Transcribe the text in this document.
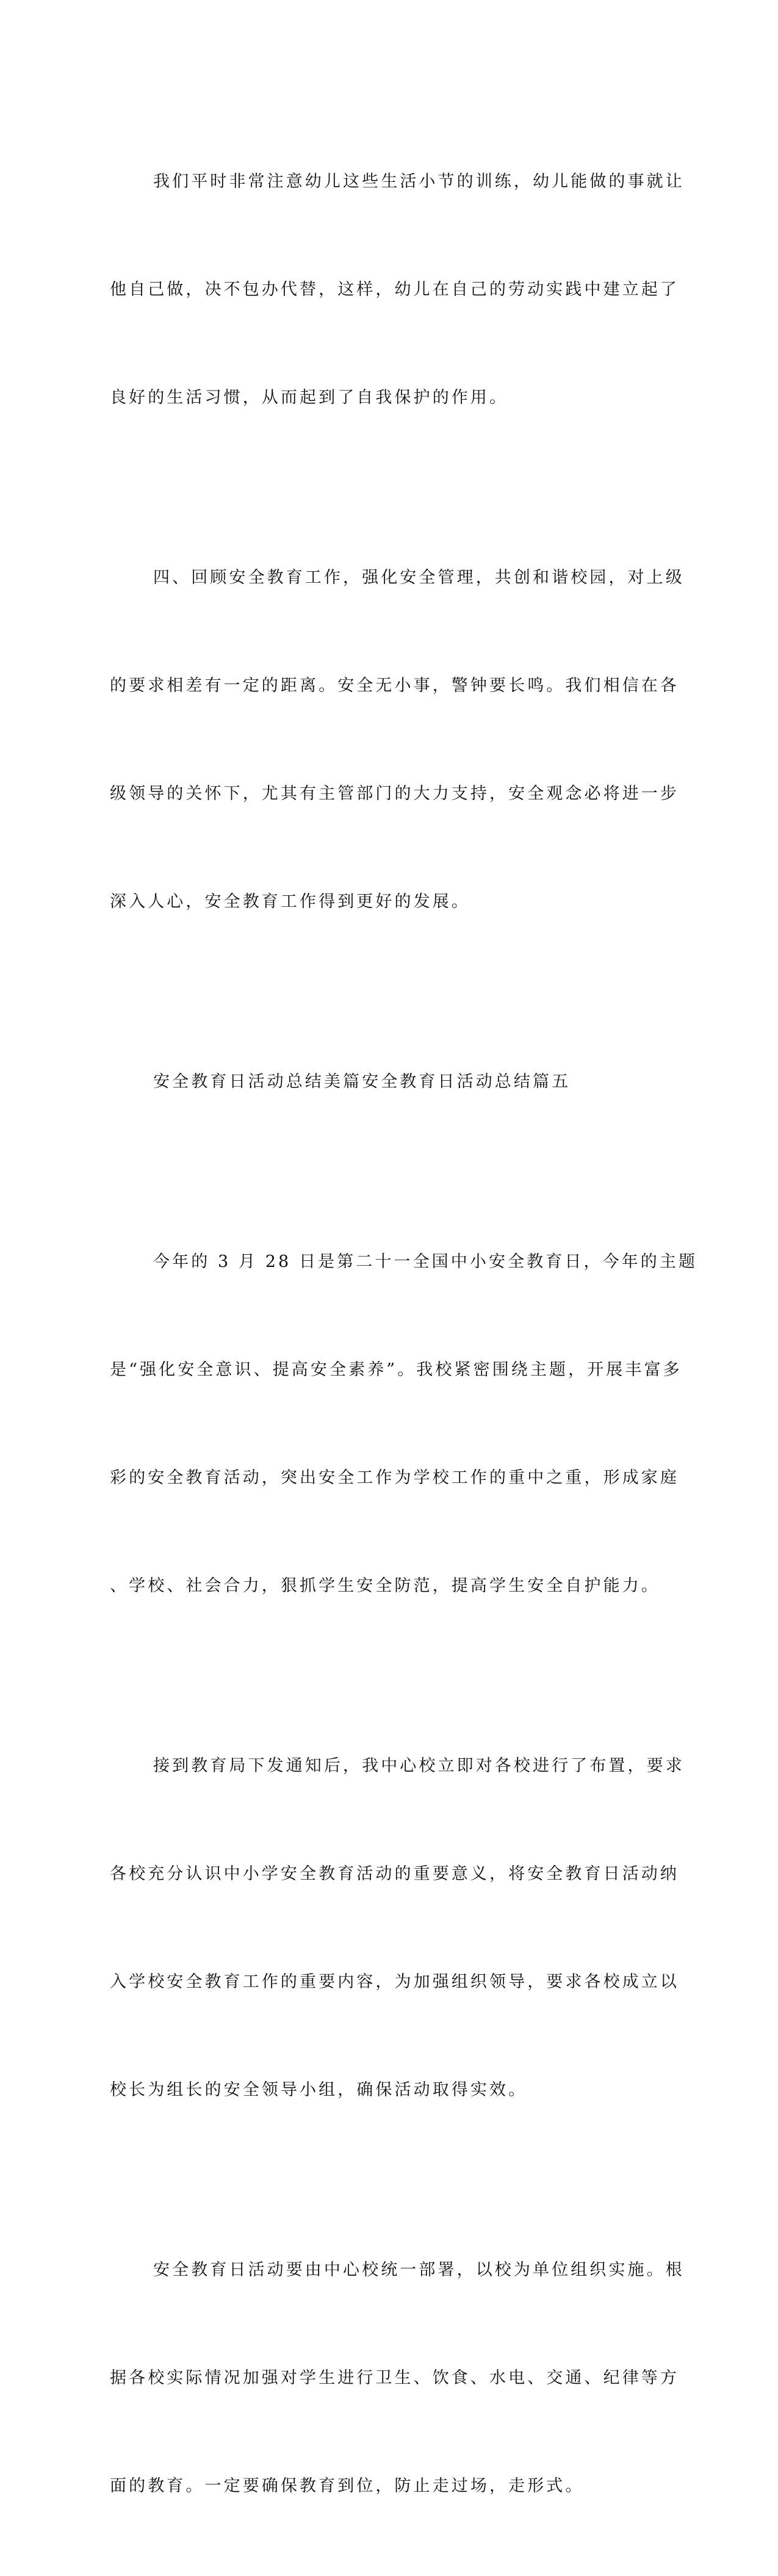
我们平时非常注意幼儿这些生活小节的训练，幼儿能做的事就让

他自己做，决不包办代替，这样，幼儿在自己的劳动实践中建立起了

良好的生活习惯，从而起到了自我保护的作用。

四、回顾安全教育工作，强化安全管理，共创和谐校园，对上级

的要求相差有一定的距离。安全无小事，警钟要长鸣。我们相信在各

级领导的关怀下，尤其有主管部门的大力支持，安全观念必将进一步

深入人心，安全教育工作得到更好的发展。

安全教育日活动总结美篇安全教育日活动总结篇五

今年的 3 月 28 日是第二十一全国中小安全教育日，今年的主题

是“强化安全意识、提高安全素养”。我校紧密围绕主题，开展丰富多

彩的安全教育活动，突出安全工作为学校工作的重中之重，形成家庭

、学校、社会合力，狠抓学生安全防范，提高学生安全自护能力。

接到教育局下发通知后，我中心校立即对各校进行了布置，要求

各校充分认识中小学安全教育活动的重要意义，将安全教育日活动纳

入学校安全教育工作的重要内容，为加强组织领导，要求各校成立以

校长为组长的安全领导小组，确保活动取得实效。

安全教育日活动要由中心校统一部署，以校为单位组织实施。根

据各校实际情况加强对学生进行卫生、饮食、水电、交通、纪律等方

面的教育。一定要确保教育到位，防止走过场，走形式。
